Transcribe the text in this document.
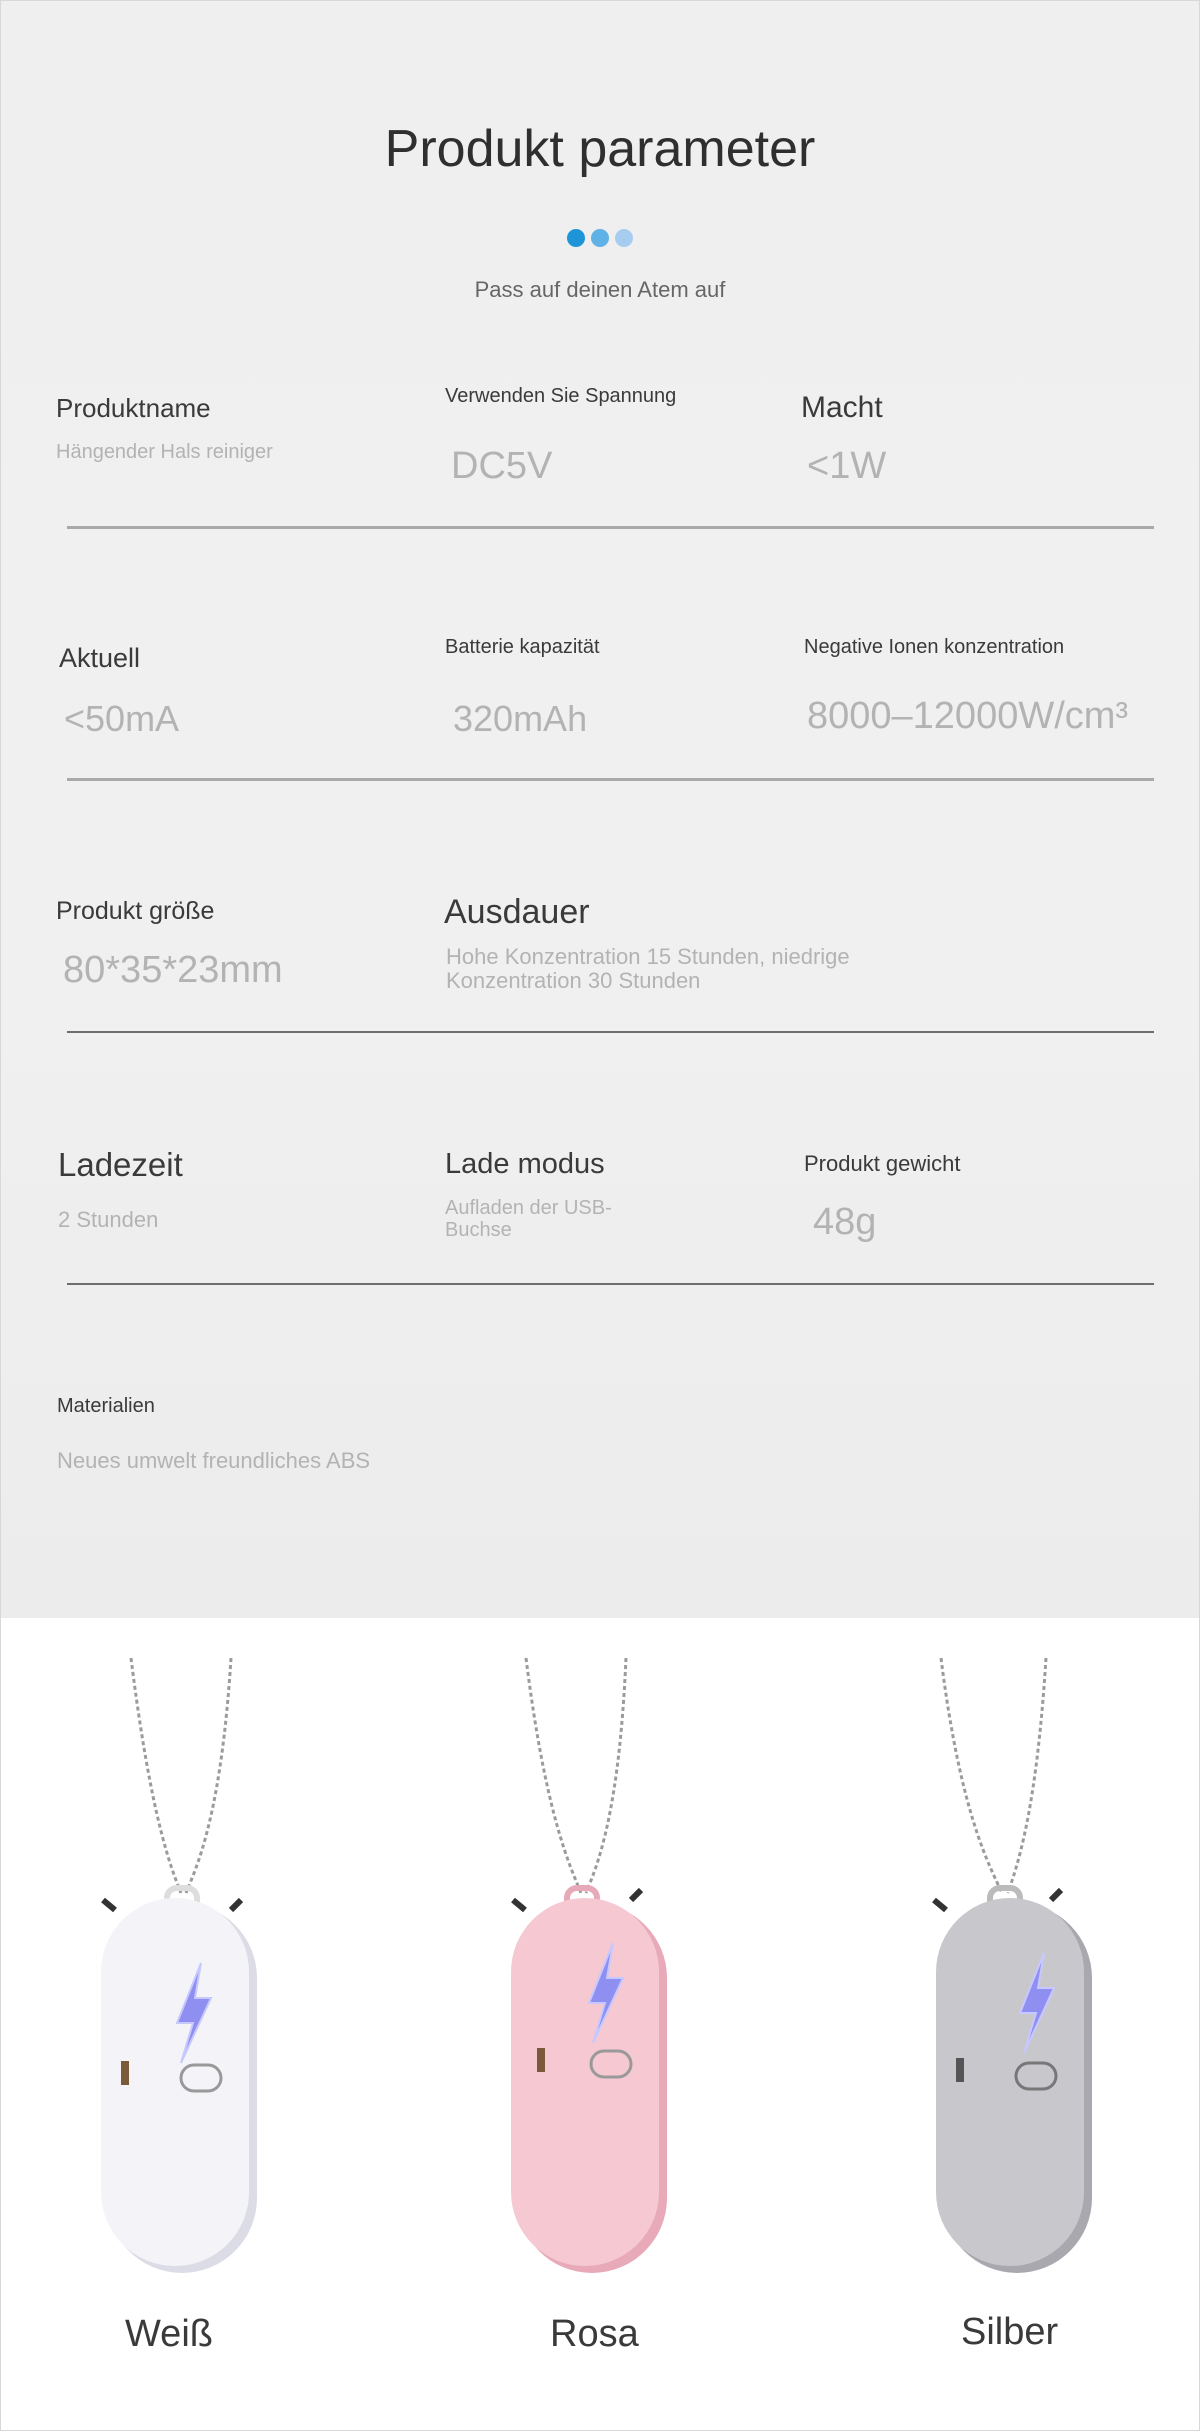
Produkt parameter
Pass auf deinen Atem auf
Produktname
Hängender Hals reiniger
Verwenden Sie Spannung
DC5V
Macht
<1W
Aktuell
<50mA
Batterie kapazität
320mAh
Negative Ionen konzentration
8000–12000W/cm³
Produkt größe
80*35*23mm
Ausdauer
Hohe Konzentration 15 Stunden, niedrige Konzentration 30 Stunden
Ladezeit
2 Stunden
Lade modus
Aufladen der USB-Buchse
Produkt gewicht
48g
Materialien
Neues umwelt freundliches ABS
Weiß	Rosa	Silber
